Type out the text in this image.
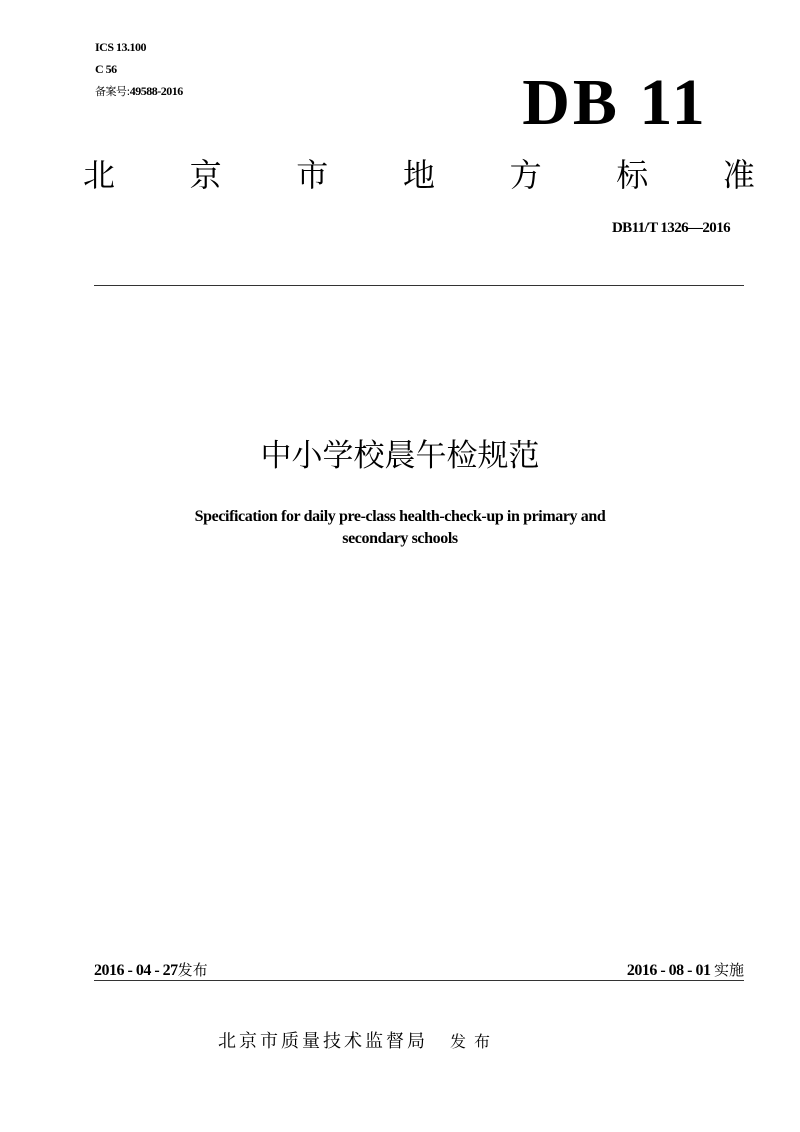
ICS 13.100
C 56
备案号:49588-2016	DB 11
北 京 市 地 方 标 准
DB11/T 1326—2016
中小学校晨午检规范
Specification for daily pre-class health-check-up in primary and
secondary schools
2016 - 04 - 27发布	2016 - 08 - 01 实施
北京市质量技术监督局 发布
